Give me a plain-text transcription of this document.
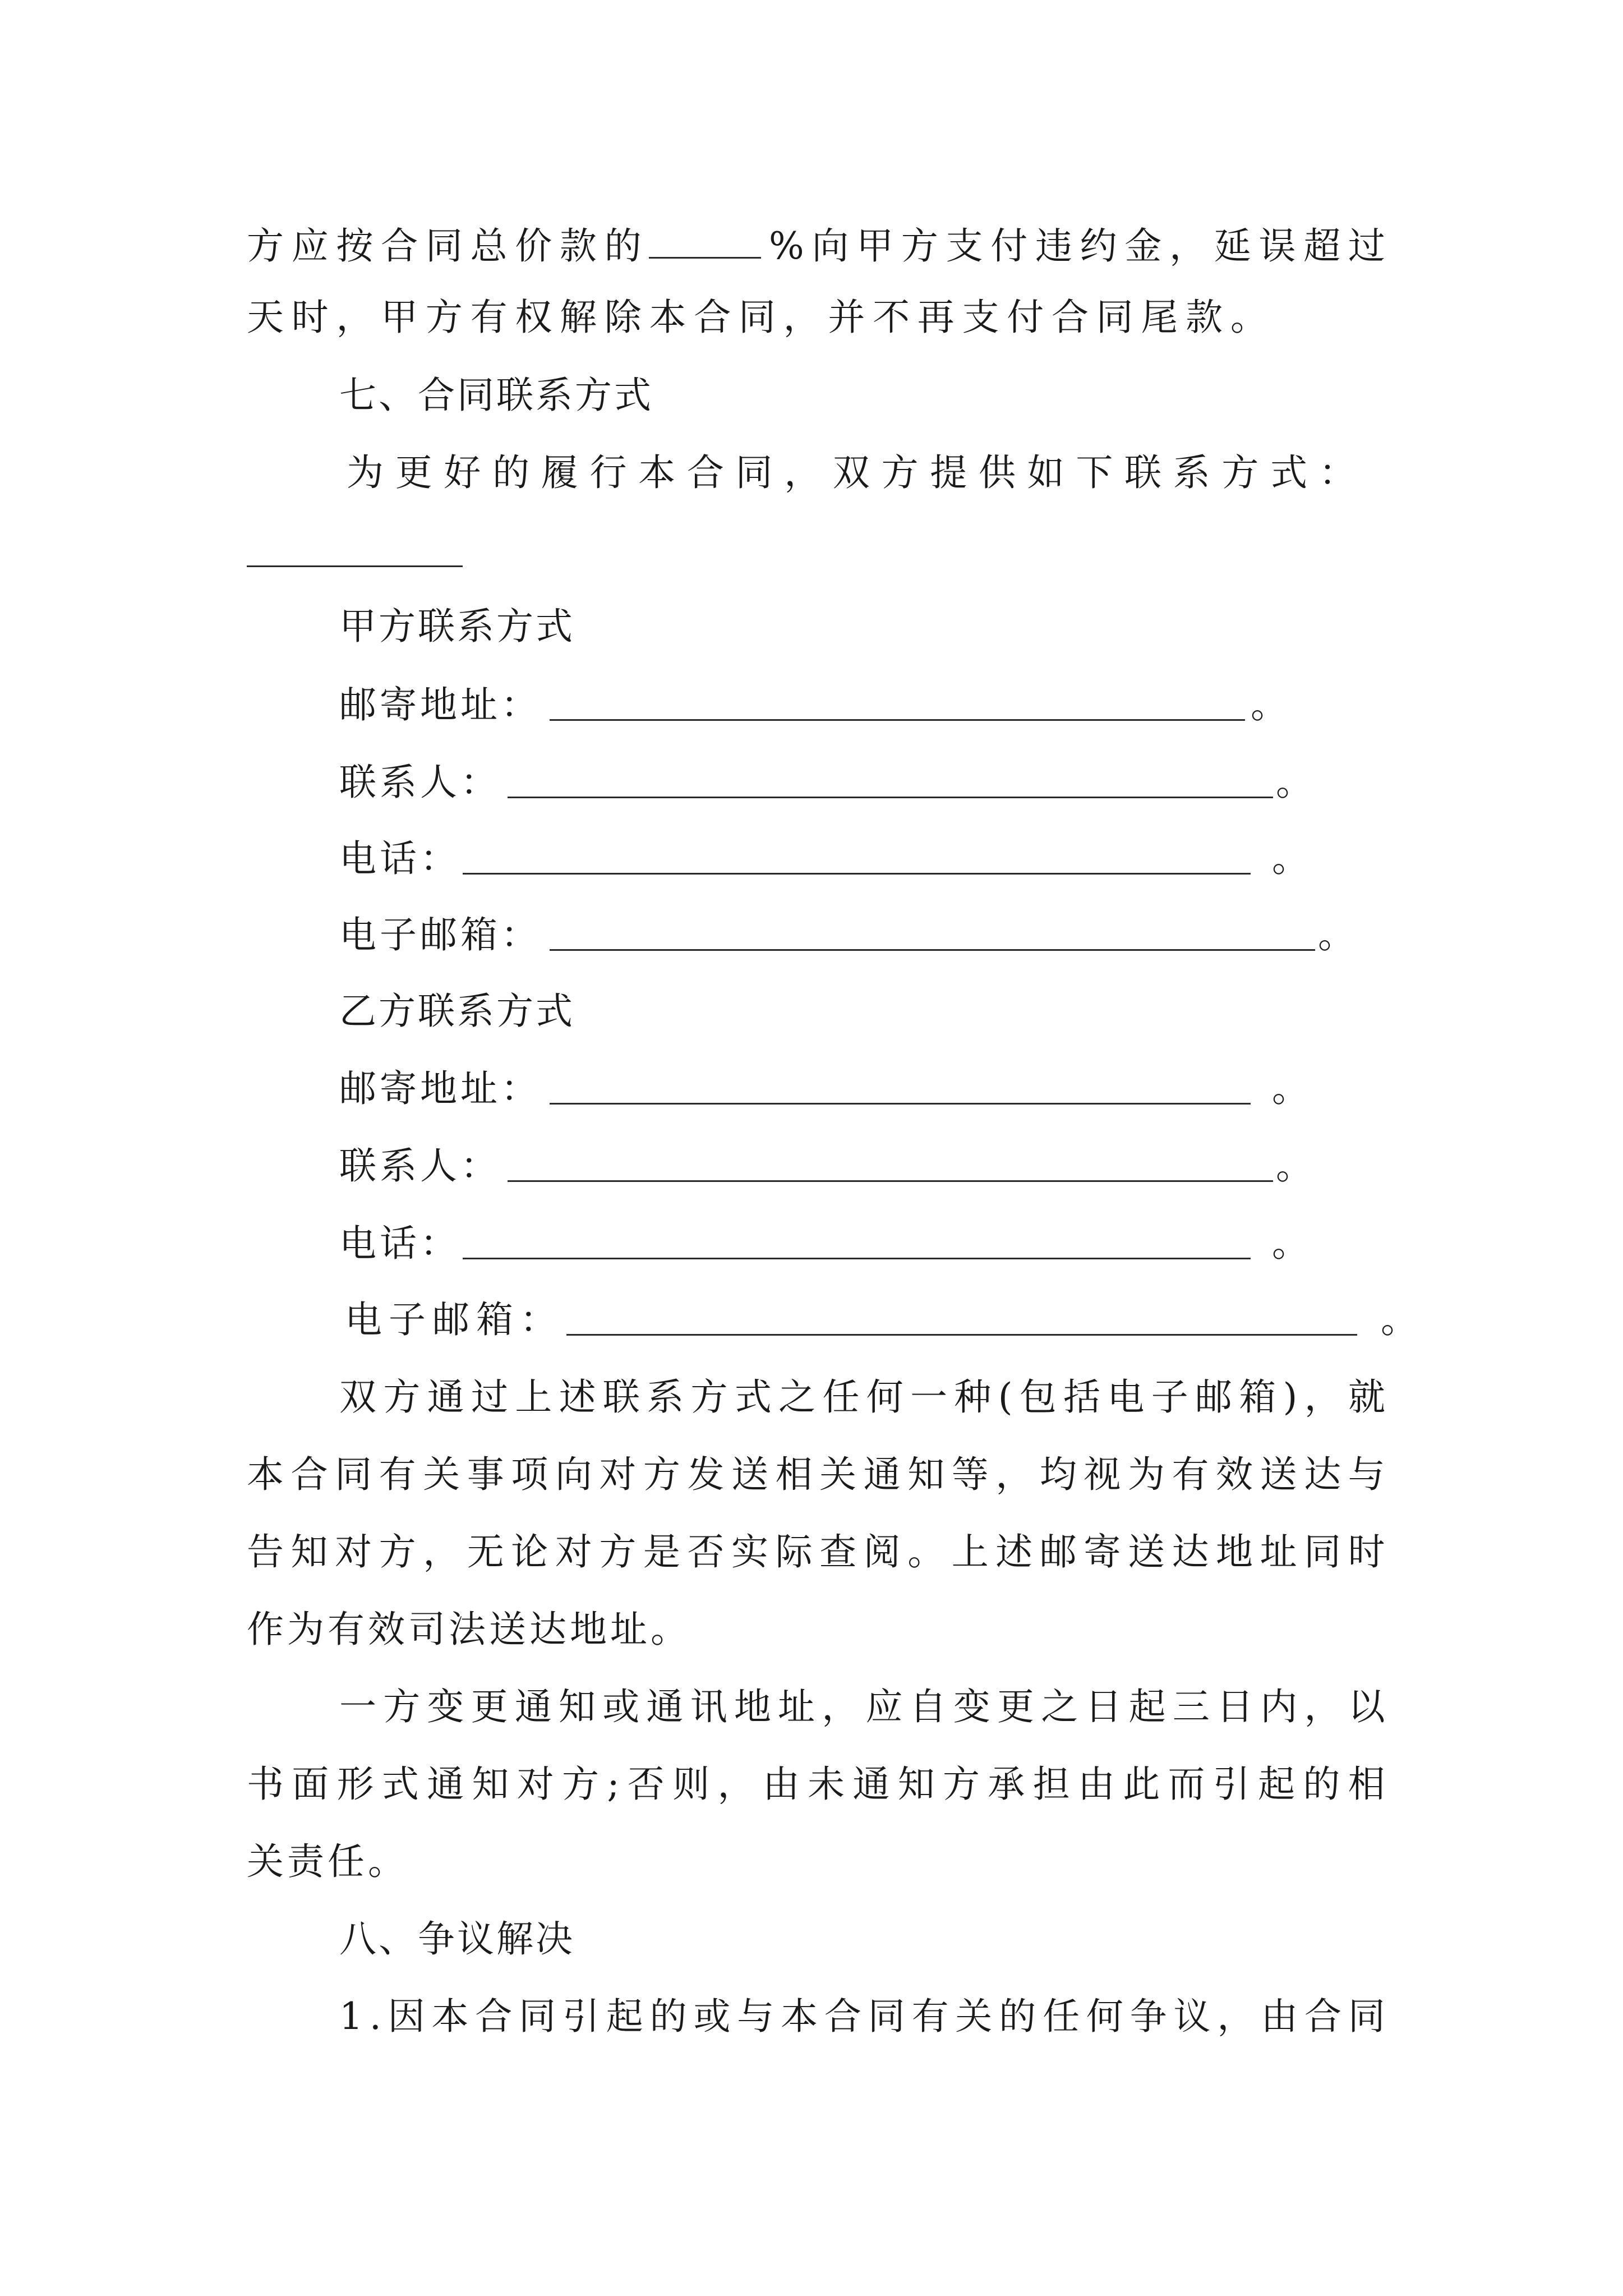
方 应 按 合 同 总 价 款 的	% 向 甲 方 支 付 违 约 金 ， 延 误 超 过
天 时 ， 甲 方 有 权 解 除 本 合 同 ， 并 不 再 支 付 合 同 尾 款 。
七、合同联系方式
为 更 好 的 履 行 本 合 同 ， 双 方 提 供 如 下 联 系 方 式 ：
甲方联系方式
邮寄地址：	。
联系人：	。
电话：	。
电子邮箱：	。
乙方联系方式
邮寄地址：	。
联系人：	。
电话：	。
电子邮箱：	。
双 方 通 过 上 述 联 系 方 式 之 任 何 一 种 ( 包 括 电 子 邮 箱 ) ， 就
本 合 同 有 关 事 项 向 对 方 发 送 相 关 通 知 等 ， 均 视 为 有 效 送 达 与
告 知 对 方 ， 无 论 对 方 是 否 实 际 查 阅 。 上 述 邮 寄 送 达 地 址 同 时
作为有效司法送达地址。
一 方 变 更 通 知 或 通 讯 地 址 ， 应 自 变 更 之 日 起 三 日 内 ， 以
书 面 形 式 通 知 对 方 ; 否 则 ， 由 未 通 知 方 承 担 由 此 而 引 起 的 相
关责任。
八、争议解决
1 . 因 本 合 同 引 起 的 或 与 本 合 同 有 关 的 任 何 争 议 ， 由 合 同
